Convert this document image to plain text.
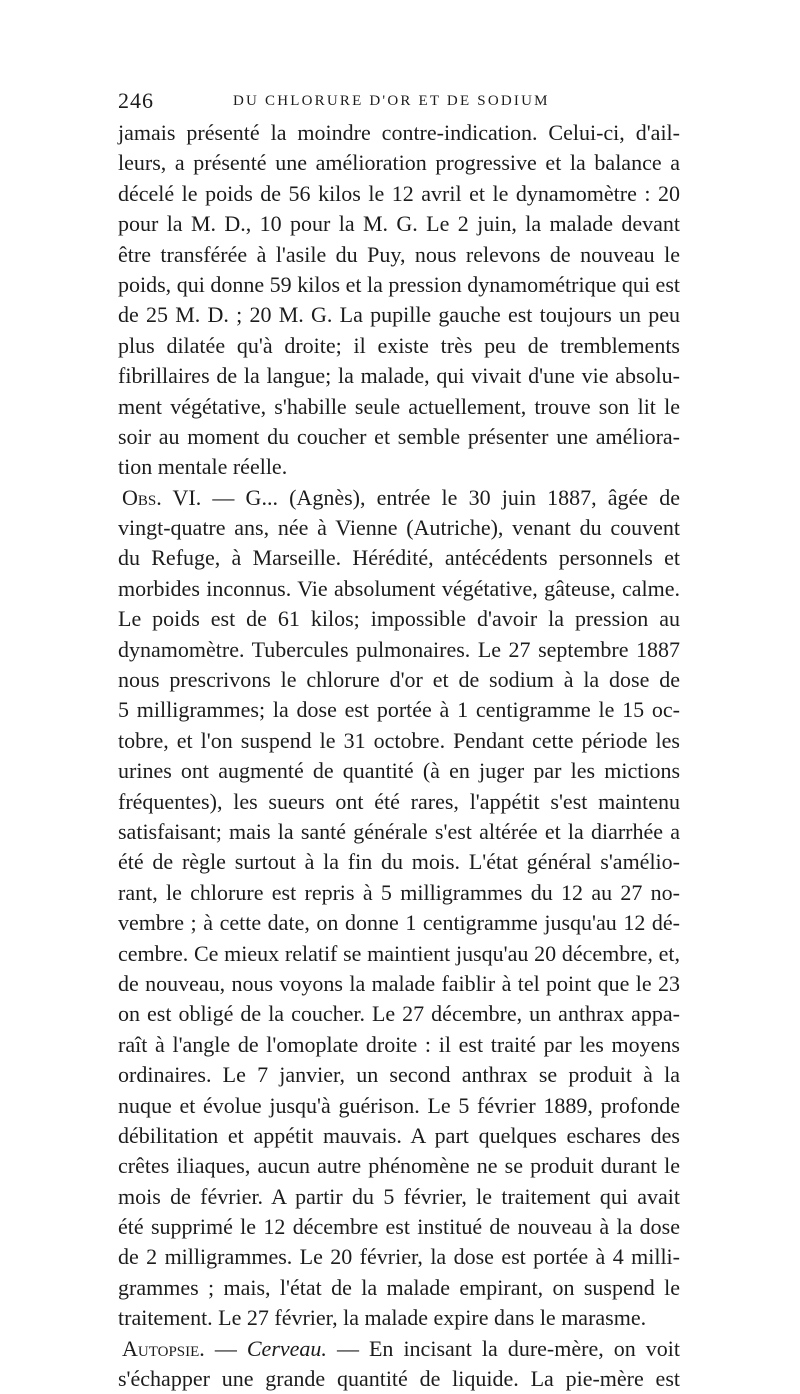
246	DU CHLORURE D'OR ET DE SODIUM
jamais présenté la moindre contre-indication. Celui-ci, d'ail-
leurs, a présenté une amélioration progressive et la balance a
décelé le poids de 56 kilos le 12 avril et le dynamomètre : 20
pour la M. D., 10 pour la M. G. Le 2 juin, la malade devant
être transférée à l'asile du Puy, nous relevons de nouveau le
poids, qui donne 59 kilos et la pression dynamométrique qui est
de 25 M. D. ; 20 M. G. La pupille gauche est toujours un peu
plus dilatée qu'à droite; il existe très peu de tremblements
fibrillaires de la langue; la malade, qui vivait d'une vie absolu-
ment végétative, s'habille seule actuellement, trouve son lit le
soir au moment du coucher et semble présenter une améliora-
tion mentale réelle.
Obs. VI. — G... (Agnès), entrée le 30 juin 1887, âgée de
vingt-quatre ans, née à Vienne (Autriche), venant du couvent
du Refuge, à Marseille. Hérédité, antécédents personnels et
morbides inconnus. Vie absolument végétative, gâteuse, calme.
Le poids est de 61 kilos; impossible d'avoir la pression au
dynamomètre. Tubercules pulmonaires. Le 27 septembre 1887
nous prescrivons le chlorure d'or et de sodium à la dose de
5 milligrammes; la dose est portée à 1 centigramme le 15 oc-
tobre, et l'on suspend le 31 octobre. Pendant cette période les
urines ont augmenté de quantité (à en juger par les mictions
fréquentes), les sueurs ont été rares, l'appétit s'est maintenu
satisfaisant; mais la santé générale s'est altérée et la diarrhée a
été de règle surtout à la fin du mois. L'état général s'amélio-
rant, le chlorure est repris à 5 milligrammes du 12 au 27 no-
vembre ; à cette date, on donne 1 centigramme jusqu'au 12 dé-
cembre. Ce mieux relatif se maintient jusqu'au 20 décembre, et,
de nouveau, nous voyons la malade faiblir à tel point que le 23
on est obligé de la coucher. Le 27 décembre, un anthrax appa-
raît à l'angle de l'omoplate droite : il est traité par les moyens
ordinaires. Le 7 janvier, un second anthrax se produit à la
nuque et évolue jusqu'à guérison. Le 5 février 1889, profonde
débilitation et appétit mauvais. A part quelques eschares des
crêtes iliaques, aucun autre phénomène ne se produit durant le
mois de février. A partir du 5 février, le traitement qui avait
été supprimé le 12 décembre est institué de nouveau à la dose
de 2 milligrammes. Le 20 février, la dose est portée à 4 milli-
grammes ; mais, l'état de la malade empirant, on suspend le
traitement. Le 27 février, la malade expire dans le marasme.
Autopsie. — Cerveau. — En incisant la dure-mère, on voit
s'échapper une grande quantité de liquide. La pie-mère est
